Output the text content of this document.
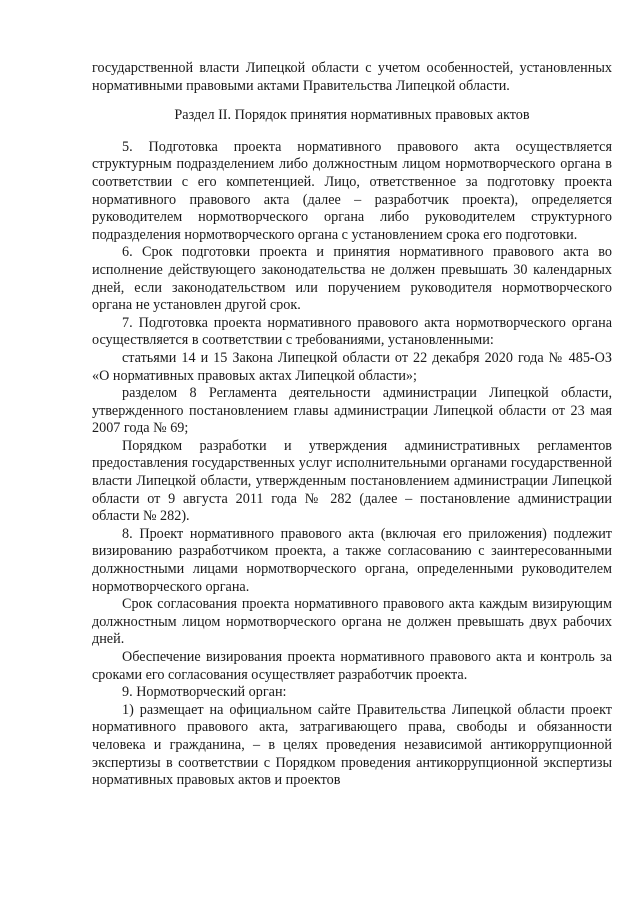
государственной власти Липецкой области с учетом особенностей, установленных нормативными правовыми актами Правительства Липецкой области.

Раздел II. Порядок принятия нормативных правовых актов

5. Подготовка проекта нормативного правового акта осуществляется структурным подразделением либо должностным лицом нормотворческого органа в соответствии с его компетенцией. Лицо, ответственное за подготовку проекта нормативного правового акта (далее – разработчик проекта), определяется руководителем нормотворческого органа либо руководителем структурного подразделения нормотворческого органа с установлением срока его подготовки.

6. Срок подготовки проекта и принятия нормативного правового акта во исполнение действующего законодательства не должен превышать 30 календарных дней, если законодательством или поручением руководителя нормотворческого органа не установлен другой срок.

7. Подготовка проекта нормативного правового акта нормотворческого органа осуществляется в соответствии с требованиями, установленными:

статьями 14 и 15 Закона Липецкой области от 22 декабря 2020 года № 485-ОЗ «О нормативных правовых актах Липецкой области»;

разделом 8 Регламента деятельности администрации Липецкой области, утвержденного постановлением главы администрации Липецкой области от 23 мая 2007 года № 69;

Порядком разработки и утверждения административных регламентов предоставления государственных услуг исполнительными органами государственной власти Липецкой области, утвержденным постановлением администрации Липецкой области от 9 августа 2011 года № 282 (далее – постановление администрации области № 282).

8. Проект нормативного правового акта (включая его приложения) подлежит визированию разработчиком проекта, а также согласованию с заинтересованными должностными лицами нормотворческого органа, определенными руководителем нормотворческого органа.

Срок согласования проекта нормативного правового акта каждым визирующим должностным лицом нормотворческого органа не должен превышать двух рабочих дней.

Обеспечение визирования проекта нормативного правового акта и контроль за сроками его согласования осуществляет разработчик проекта.

9. Нормотворческий орган:

1) размещает на официальном сайте Правительства Липецкой области проект нормативного правового акта, затрагивающего права, свободы и обязанности человека и гражданина, – в целях проведения независимой антикоррупционной экспертизы в соответствии с Порядком проведения антикоррупционной экспертизы нормативных правовых актов и проектов
